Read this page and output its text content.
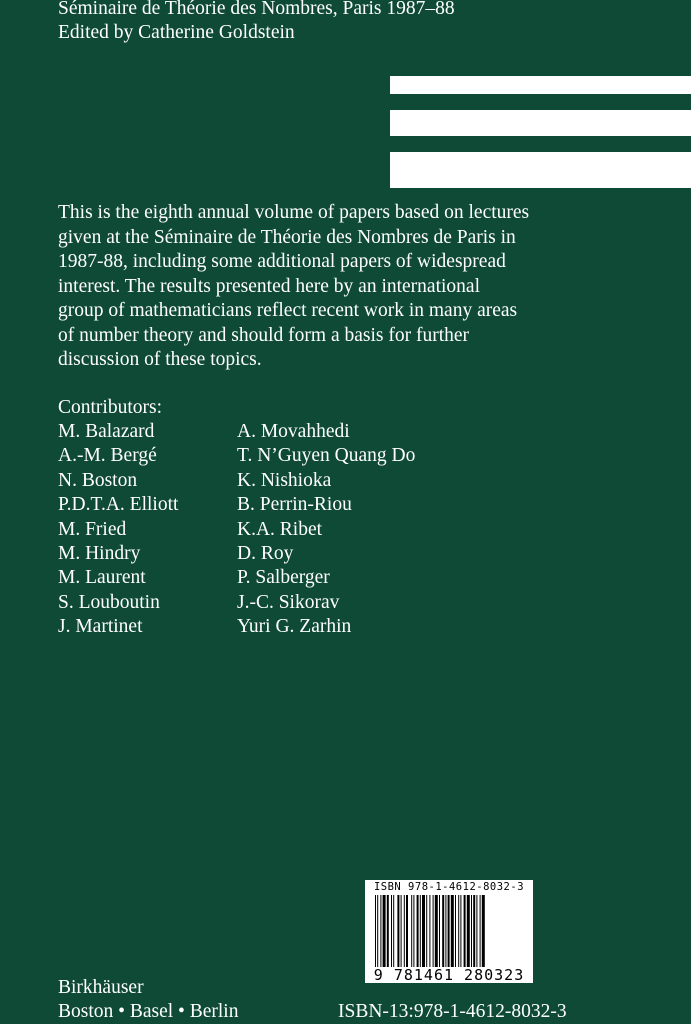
Séminaire de Théorie des Nombres, Paris 1987–88
Edited by Catherine Goldstein
This is the eighth annual volume of papers based on lectures
given at the Séminaire de Théorie des Nombres de Paris in
1987-88, including some additional papers of widespread
interest. The results presented here by an international
group of mathematicians reflect recent work in many areas
of number theory and should form a basis for further
discussion of these topics.
Contributors:
M. Balazard
A.-M. Bergé
N. Boston
P.D.T.A. Elliott
M. Fried
M. Hindry
M. Laurent
S. Louboutin
J. Martinet
A. Movahhedi
T. N’Guyen Quang Do
K. Nishioka
B. Perrin-Riou
K.A. Ribet
D. Roy
P. Salberger
J.-C. Sikorav
Yuri G. Zarhin
ISBN 978-1-4612-8032-3
9 781461 280323
Birkhäuser
Boston • Basel • Berlin	ISBN-13:978-1-4612-8032-3
